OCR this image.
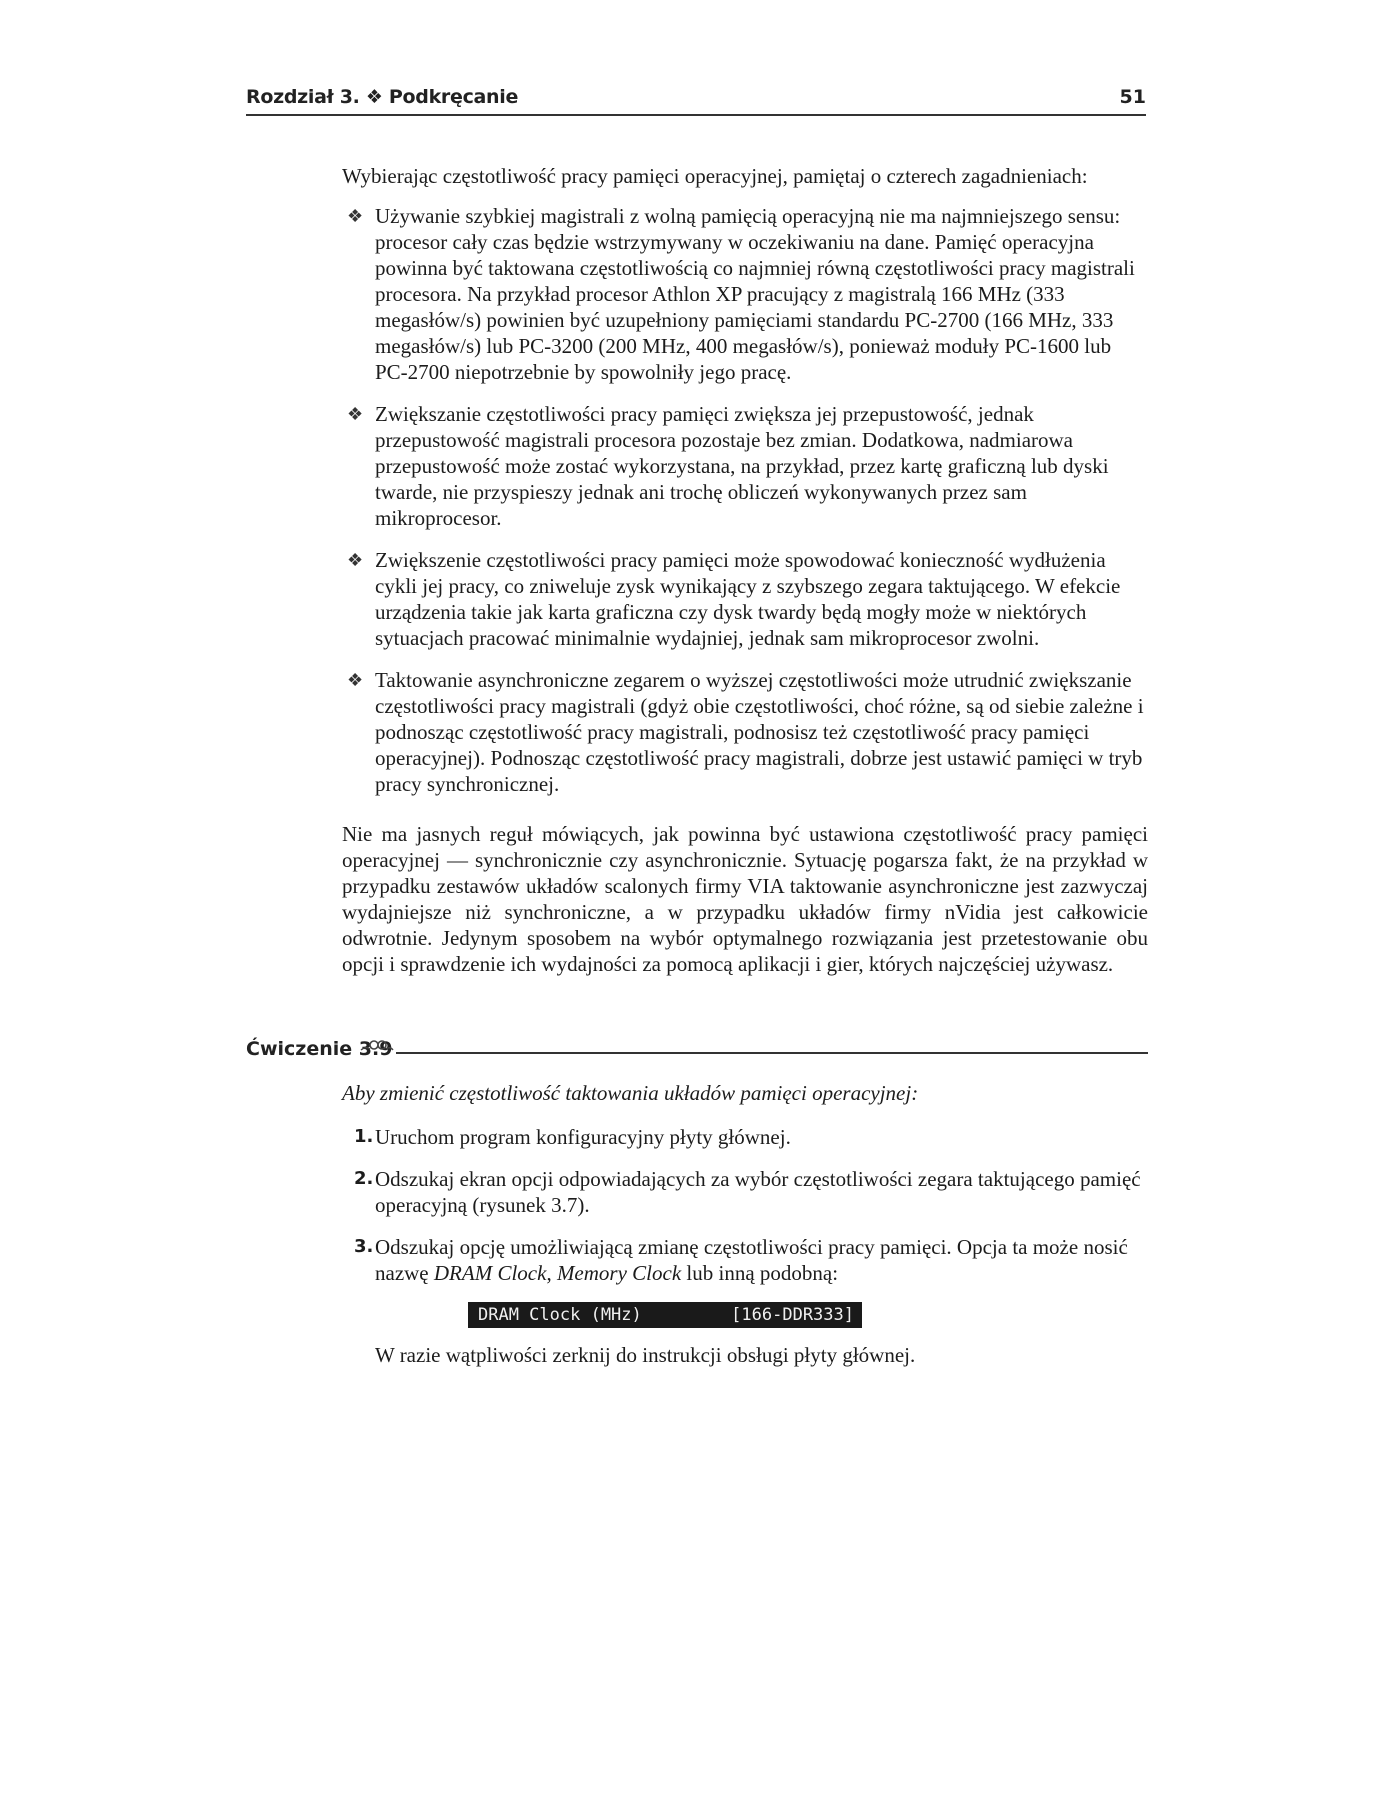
Rozdział 3. ❖ Podkręcanie	51

Wybierając częstotliwość pracy pamięci operacyjnej, pamiętaj o czterech zagadnieniach:

❖ Używanie szybkiej magistrali z wolną pamięcią operacyjną nie ma najmniejszego sensu: procesor cały czas będzie wstrzymywany w oczekiwaniu na dane. Pamięć operacyjna powinna być taktowana częstotliwością co najmniej równą częstotliwości pracy magistrali procesora. Na przykład procesor Athlon XP pracujący z magistralą 166 MHz (333 megasłów/s) powinien być uzupełniony pamięciami standardu PC-2700 (166 MHz, 333 megasłów/s) lub PC-3200 (200 MHz, 400 megasłów/s), ponieważ moduły PC-1600 lub PC-2700 niepotrzebnie by spowolniły jego pracę.
❖ Zwiększanie częstotliwości pracy pamięci zwiększa jej przepustowość, jednak przepustowość magistrali procesora pozostaje bez zmian. Dodatkowa, nadmiarowa przepustowość może zostać wykorzystana, na przykład, przez kartę graficzną lub dyski twarde, nie przyspieszy jednak ani trochę obliczeń wykonywanych przez sam mikroprocesor.
❖ Zwiększenie częstotliwości pracy pamięci może spowodować konieczność wydłużenia cykli jej pracy, co zniweluje zysk wynikający z szybszego zegara taktującego. W efekcie urządzenia takie jak karta graficzna czy dysk twardy będą mogły może w niektórych sytuacjach pracować minimalnie wydajniej, jednak sam mikroprocesor zwolni.
❖ Taktowanie asynchroniczne zegarem o wyższej częstotliwości może utrudnić zwiększanie częstotliwości pracy magistrali (gdyż obie częstotliwości, choć różne, są od siebie zależne i podnosząc częstotliwość pracy magistrali, podnosisz też częstotliwość pracy pamięci operacyjnej). Podnosząc częstotliwość pracy magistrali, dobrze jest ustawić pamięci w tryb pracy synchronicznej.

Nie ma jasnych reguł mówiących, jak powinna być ustawiona częstotliwość pracy pamięci operacyjnej — synchronicznie czy asynchronicznie. Sytuację pogarsza fakt, że na przykład w przypadku zestawów układów scalonych firmy VIA taktowanie asynchroniczne jest zazwyczaj wydajniejsze niż synchroniczne, a w przypadku układów firmy nVidia jest całkowicie odwrotnie. Jedynym sposobem na wybór optymalnego rozwiązania jest przetestowanie obu opcji i sprawdzenie ich wydajności za pomocą aplikacji i gier, których najczęściej używasz.

Ćwiczenie 3.9

Aby zmienić częstotliwość taktowania układów pamięci operacyjnej:

1. Uruchom program konfiguracyjny płyty głównej.
2. Odszukaj ekran opcji odpowiadających za wybór częstotliwości zegara taktującego pamięć operacyjną (rysunek 3.7).
3. Odszukaj opcję umożliwiającą zmianę częstotliwości pracy pamięci. Opcja ta może nosić nazwę DRAM Clock, Memory Clock lub inną podobną:
DRAM Clock (MHz)	[166-DDR333]

W razie wątpliwości zerknij do instrukcji obsługi płyty głównej.
